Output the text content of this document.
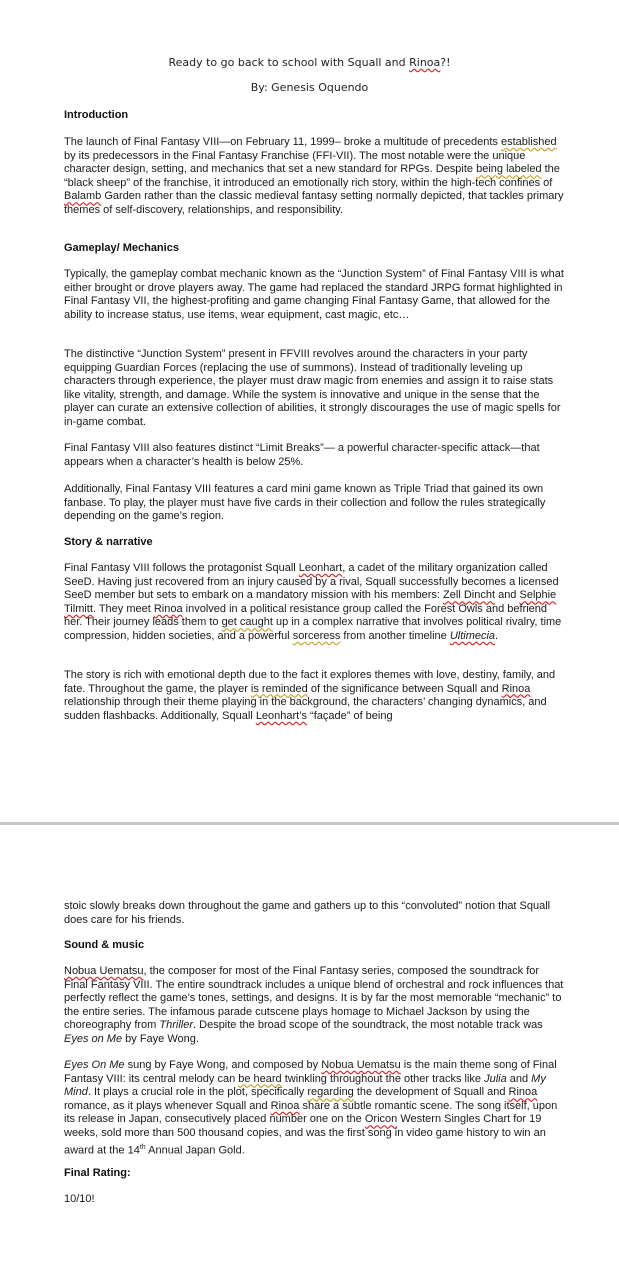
Ready to go back to school with Squall and Rinoa?!
By: Genesis Oquendo
Introduction
The launch of Final Fantasy VIII—on February 11, 1999– broke a multitude of precedents established by its predecessors in the Final Fantasy Franchise (FFI-VII). The most notable were the unique character design, setting, and mechanics that set a new standard for RPGs. Despite being labeled the “black sheep” of the franchise, it introduced an emotionally rich story, within the high-tech confines of Balamb Garden rather than the classic medieval fantasy setting normally depicted, that tackles primary themes of self-discovery, relationships, and responsibility.
Gameplay/ Mechanics
Typically, the gameplay combat mechanic known as the “Junction System” of Final Fantasy VIII is what either brought or drove players away. The game had replaced the standard JRPG format highlighted in Final Fantasy VII, the highest-profiting and game changing Final Fantasy Game, that allowed for the ability to increase status, use items, wear equipment, cast magic, etc…
The distinctive “Junction System” present in FFVIII revolves around the characters in your party equipping Guardian Forces (replacing the use of summons). Instead of traditionally leveling up characters through experience, the player must draw magic from enemies and assign it to raise stats like vitality, strength, and damage. While the system is innovative and unique in the sense that the player can curate an extensive collection of abilities, it strongly discourages the use of magic spells for in-game combat.
Final Fantasy VIII also features distinct “Limit Breaks”— a powerful character-specific attack—that appears when a character’s health is below 25%.
Additionally, Final Fantasy VIII features a card mini game known as Triple Triad that gained its own fanbase. To play, the player must have five cards in their collection and follow the rules strategically depending on the game’s region.
Story & narrative
Final Fantasy VIII follows the protagonist Squall Leonhart, a cadet of the military organization called SeeD. Having just recovered from an injury caused by a rival, Squall successfully becomes a licensed SeeD member but sets to embark on a mandatory mission with his members: Zell Dincht and Selphie Tilmitt. They meet Rinoa involved in a political resistance group called the Forest Owls and befriend her. Their journey leads them to get caught up in a complex narrative that involves political rivalry, time compression, hidden societies, and a powerful sorceress from another timeline Ultimecia.
The story is rich with emotional depth due to the fact it explores themes with love, destiny, family, and fate. Throughout the game, the player is reminded of the significance between Squall and Rinoa relationship through their theme playing in the background, the characters’ changing dynamics, and sudden flashbacks. Additionally, Squall Leonhart’s “façade” of being
stoic slowly breaks down throughout the game and gathers up to this “convoluted” notion that Squall does care for his friends.
Sound & music
Nobua Uematsu, the composer for most of the Final Fantasy series, composed the soundtrack for Final Fantasy VIII. The entire soundtrack includes a unique blend of orchestral and rock influences that perfectly reflect the game’s tones, settings, and designs. It is by far the most memorable “mechanic” to the entire series. The infamous parade cutscene plays homage to Michael Jackson by using the choreography from Thriller. Despite the broad scope of the soundtrack, the most notable track was Eyes on Me by Faye Wong.
Eyes On Me sung by Faye Wong, and composed by Nobua Uematsu is the main theme song of Final Fantasy VIII: its central melody can be heard twinkling throughout the other tracks like Julia and My Mind. It plays a crucial role in the plot, specifically regarding the development of Squall and Rinoa romance, as it plays whenever Squall and Rinoa share a subtle romantic scene. The song itself, upon its release in Japan, consecutively placed number one on the Oricon Western Singles Chart for 19 weeks, sold more than 500 thousand copies, and was the first song in video game history to win an award at the 14th Annual Japan Gold.
Final Rating:
10/10!
